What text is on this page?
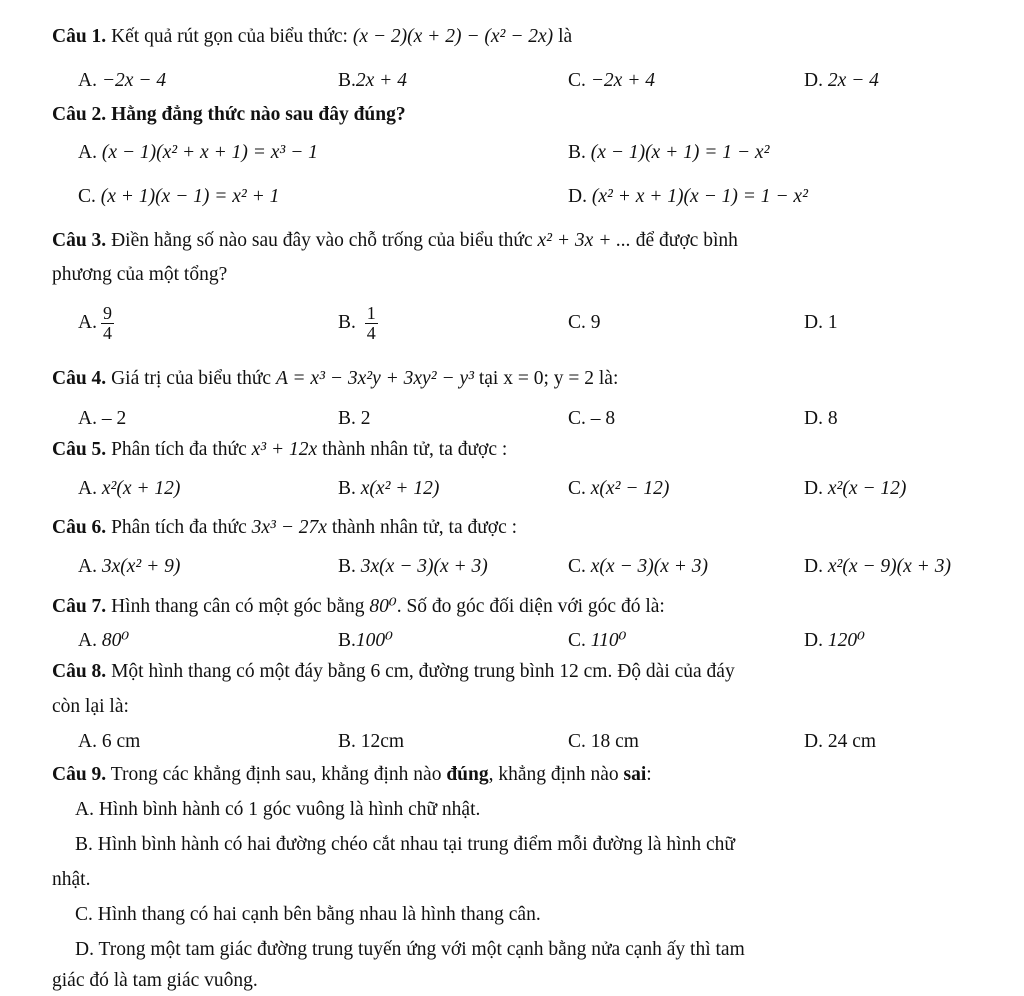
Câu 1. Kết quả rút gọn của biểu thức: (x − 2)(x + 2) − (x² − 2x) là
A. −2x − 4	B.2x + 4	C. −2x + 4	D. 2x − 4
Câu 2. Hằng đẳng thức nào sau đây đúng?
A. (x − 1)(x² + x + 1) = x³ − 1	B. (x − 1)(x + 1) = 1 − x²
C. (x + 1)(x − 1) = x² + 1	D. (x² + x + 1)(x − 1) = 1 − x²
Câu 3. Điền hằng số nào sau đây vào chỗ trống của biểu thức x² + 3x + ... để được bình
phương của một tổng?
A. $\frac{9}{4}$	B. $\frac{1}{4}$	C. 9	D. 1
Câu 4. Giá trị của biểu thức A = x³ − 3x²y + 3xy² − y³ tại x = 0; y = 2 là:
A. – 2	B. 2	C. – 8	D. 8
Câu 5. Phân tích đa thức x³ + 12x thành nhân tử, ta được :
A. x²(x + 12)	B. x(x² + 12)	C. x(x² − 12)	D. x²(x − 12)
Câu 6. Phân tích đa thức 3x³ − 27x thành nhân tử, ta được :
A. 3x(x² + 9)	B. 3x(x − 3)(x + 3)	C. x(x − 3)(x + 3)	D. x²(x − 9)(x + 3)
Câu 7. Hình thang cân có một góc bằng 80⁰. Số đo góc đối diện với góc đó là:
A. 80⁰	B.100⁰	C. 110⁰	D. 120⁰
Câu 8. Một hình thang có một đáy bằng 6 cm, đường trung bình 12 cm. Độ dài của đáy
còn lại là:
A. 6 cm	B. 12cm	C. 18 cm	D. 24 cm
Câu 9. Trong các khẳng định sau, khẳng định nào đúng, khẳng định nào sai:
A. Hình bình hành có 1 góc vuông là hình chữ nhật.
B. Hình bình hành có hai đường chéo cắt nhau tại trung điểm mỗi đường là hình chữ
nhật.
C. Hình thang có hai cạnh bên bằng nhau là hình thang cân.
D. Trong một tam giác đường trung tuyến ứng với một cạnh bằng nửa cạnh ấy thì tam
giác đó là tam giác vuông.
